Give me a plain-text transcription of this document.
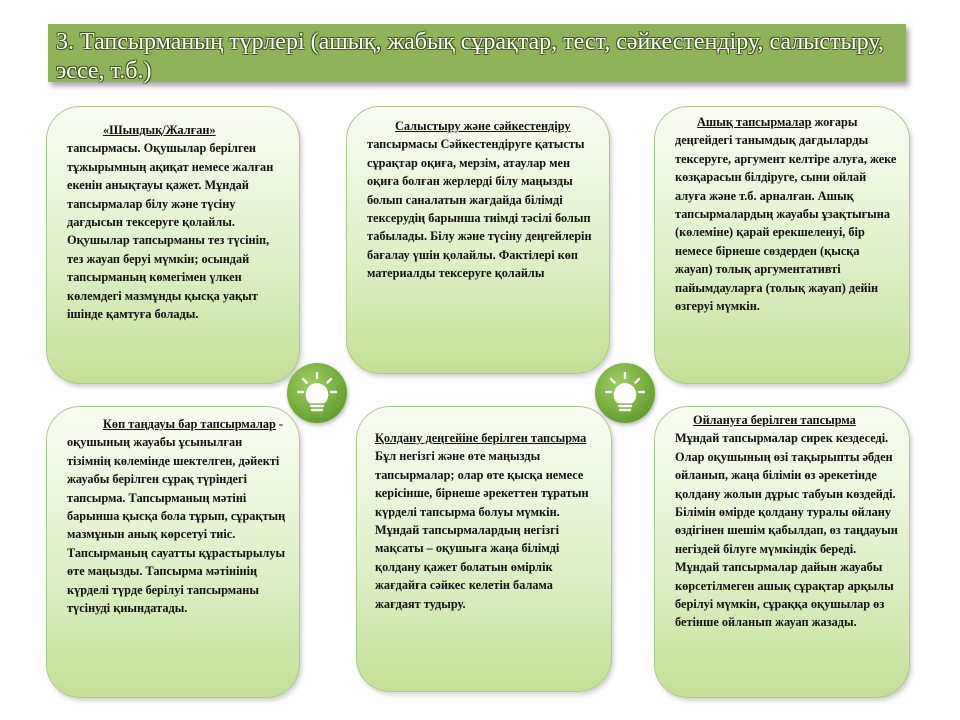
3. Тапсырманың түрлері (ашық, жабық сұрақтар, тест, сәйкестендіру, салыстыру, эссе, т.б.)

«Шындық/Жалған» тапсырмасы. Оқушылар берілген тұжырымның ақиқат немесе жалған екенін анықтауы қажет. Мұндай тапсырмалар білу және түсіну дағдысын тексеруге қолайлы. Оқушылар тапсырманы тез түсініп, тез жауап беруі мүмкін; осындай тапсырманың көмегімен үлкен көлемдегі мазмұнды қысқа уақыт ішінде қамтуға болады.

Салыстыру және сәйкестендіру тапсырмасы Сәйкестендіруге қатысты сұрақтар оқиға, мерзім, атаулар мен оқиға болған жерлерді білу маңызды болып саналатын жағдайда білімді тексерудің барынша тиімді тәсілі болып табылады. Білу және түсіну деңгейлерін бағалау үшін қолайлы. Фактілері көп материалды тексеруге қолайлы

Ашық тапсырмалар жоғары деңгейдегі танымдық дағдыларды тексеруге, аргумент келтіре алуға, жеке көзқарасын білдіруге, сыни ойлай алуға және т.б. арналған. Ашық тапсырмалардың жауабы ұзақтығына (көлеміне) қарай ерекшеленуі, бір немесе бірнеше сөздерден (қысқа жауап) толық аргументативті пайымдауларға (толық жауап) дейін өзгеруі мүмкін.

Көп таңдауы бар тапсырмалар - оқушының жауабы ұсынылған тізімнің көлемінде шектелген, дәйекті жауабы берілген сұрақ түріндегі тапсырма. Тапсырманың мәтіні барынша қысқа бола тұрып, сұрақтың мазмұнын анық көрсетуі тиіс. Тапсырманың сауатты құрастырылуы өте маңызды. Тапсырма мәтінінің күрделі түрде берілуі тапсырманы түсінуді қиындатады.

Қолдану деңгейіне берілген тапсырма Бұл негізгі және өте маңызды тапсырмалар; олар өте қысқа немесе керісінше, бірнеше әрекеттен тұратын күрделі тапсырма болуы мүмкін. Мұндай тапсырмалардың негізгі мақсаты – оқушыға жаңа білімді қолдану қажет болатын өмірлік жағдайға сәйкес келетін балама жағдаят тудыру.

Ойлануға берілген тапсырма Мұндай тапсырмалар сирек кездеседі. Олар оқушының өзі тақырыпты әбден ойланып, жаңа білімін өз әрекетінде қолдану жолын дұрыс табуын көздейді. Білімін өмірде қолдану туралы ойлану өздігінен шешім қабылдап, өз таңдауын негіздей білуге мүмкіндік береді. Мұндай тапсырмалар дайын жауабы көрсетілмеген ашық сұрақтар арқылы берілуі мүмкін, сұраққа оқушылар өз бетінше ойланып жауап жазады.
